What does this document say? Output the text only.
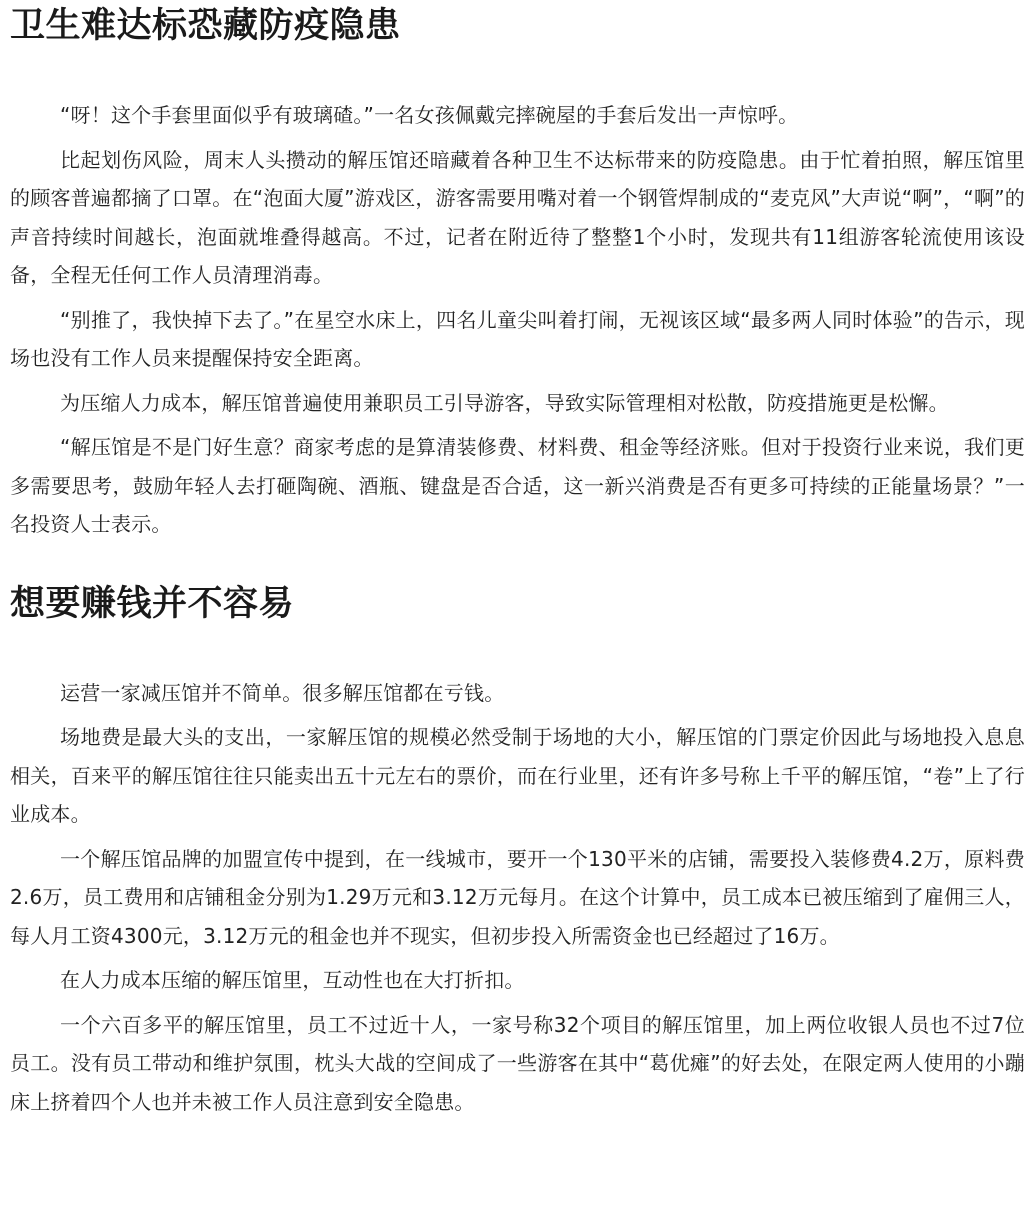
卫生难达标恐藏防疫隐患

“呀！这个手套里面似乎有玻璃碴。”一名女孩佩戴完摔碗屋的手套后发出一声惊呼。

比起划伤风险，周末人头攒动的解压馆还暗藏着各种卫生不达标带来的防疫隐患。由于忙着拍照，解压馆里的顾客普遍都摘了口罩。在“泡面大厦”游戏区，游客需要用嘴对着一个钢管焊制成的“麦克风”大声说“啊”，“啊”的声音持续时间越长，泡面就堆叠得越高。不过，记者在附近待了整整1个小时，发现共有11组游客轮流使用该设备，全程无任何工作人员清理消毒。

“别推了，我快掉下去了。”在星空水床上，四名儿童尖叫着打闹，无视该区域“最多两人同时体验”的告示，现场也没有工作人员来提醒保持安全距离。

为压缩人力成本，解压馆普遍使用兼职员工引导游客，导致实际管理相对松散，防疫措施更是松懈。

“解压馆是不是门好生意？商家考虑的是算清装修费、材料费、租金等经济账。但对于投资行业来说，我们更多需要思考，鼓励年轻人去打砸陶碗、酒瓶、键盘是否合适，这一新兴消费是否有更多可持续的正能量场景？”一名投资人士表示。

想要赚钱并不容易

运营一家减压馆并不简单。很多解压馆都在亏钱。

场地费是最大头的支出，一家解压馆的规模必然受制于场地的大小，解压馆的门票定价因此与场地投入息息相关，百来平的解压馆往往只能卖出五十元左右的票价，而在行业里，还有许多号称上千平的解压馆，“卷”上了行业成本。

一个解压馆品牌的加盟宣传中提到，在一线城市，要开一个130平米的店铺，需要投入装修费4.2万，原料费2.6万，员工费用和店铺租金分别为1.29万元和3.12万元每月。在这个计算中，员工成本已被压缩到了雇佣三人，每人月工资4300元，3.12万元的租金也并不现实，但初步投入所需资金也已经超过了16万。

在人力成本压缩的解压馆里，互动性也在大打折扣。

一个六百多平的解压馆里，员工不过近十人，一家号称32个项目的解压馆里，加上两位收银人员也不过7位员工。没有员工带动和维护氛围，枕头大战的空间成了一些游客在其中“葛优瘫”的好去处，在限定两人使用的小蹦床上挤着四个人也并未被工作人员注意到安全隐患。
